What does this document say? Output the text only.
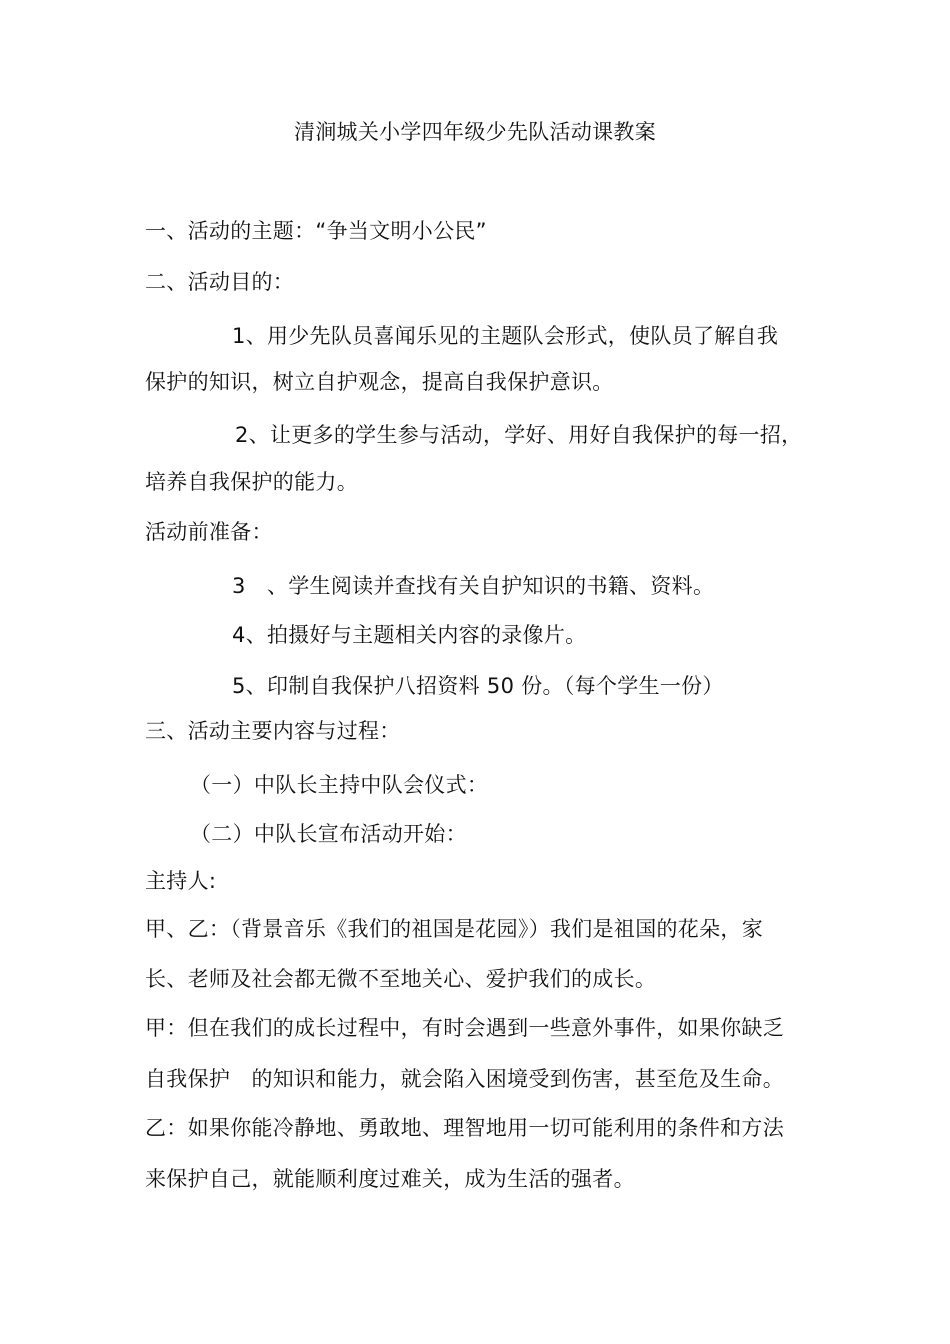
清涧城关小学四年级少先队活动课教案
一、活动的主题：“争当文明小公民”
二、活动目的：
1、用少先队员喜闻乐见的主题队会形式，使队员了解自我
保护的知识，树立自护观念，提高自我保护意识。
2、让更多的学生参与活动，学好、用好自我保护的每一招，
培养自我保护的能力。
活动前准备：
3　、学生阅读并查找有关自护知识的书籍、资料。
4、拍摄好与主题相关内容的录像片。
5、印制自我保护八招资料 50 份。（每个学生一份）
三、活动主要内容与过程：
（一）中队长主持中队会仪式：
（二）中队长宣布活动开始：
主持人:
甲、乙：（背景音乐《我们的祖国是花园》）我们是祖国的花朵，家
长、老师及社会都无微不至地关心、爱护我们的成长。
甲：但在我们的成长过程中，有时会遇到一些意外事件，如果你缺乏
自我保护　的知识和能力，就会陷入困境受到伤害，甚至危及生命。
乙：如果你能冷静地、勇敢地、理智地用一切可能利用的条件和方法
来保护自己，就能顺利度过难关，成为生活的强者。
